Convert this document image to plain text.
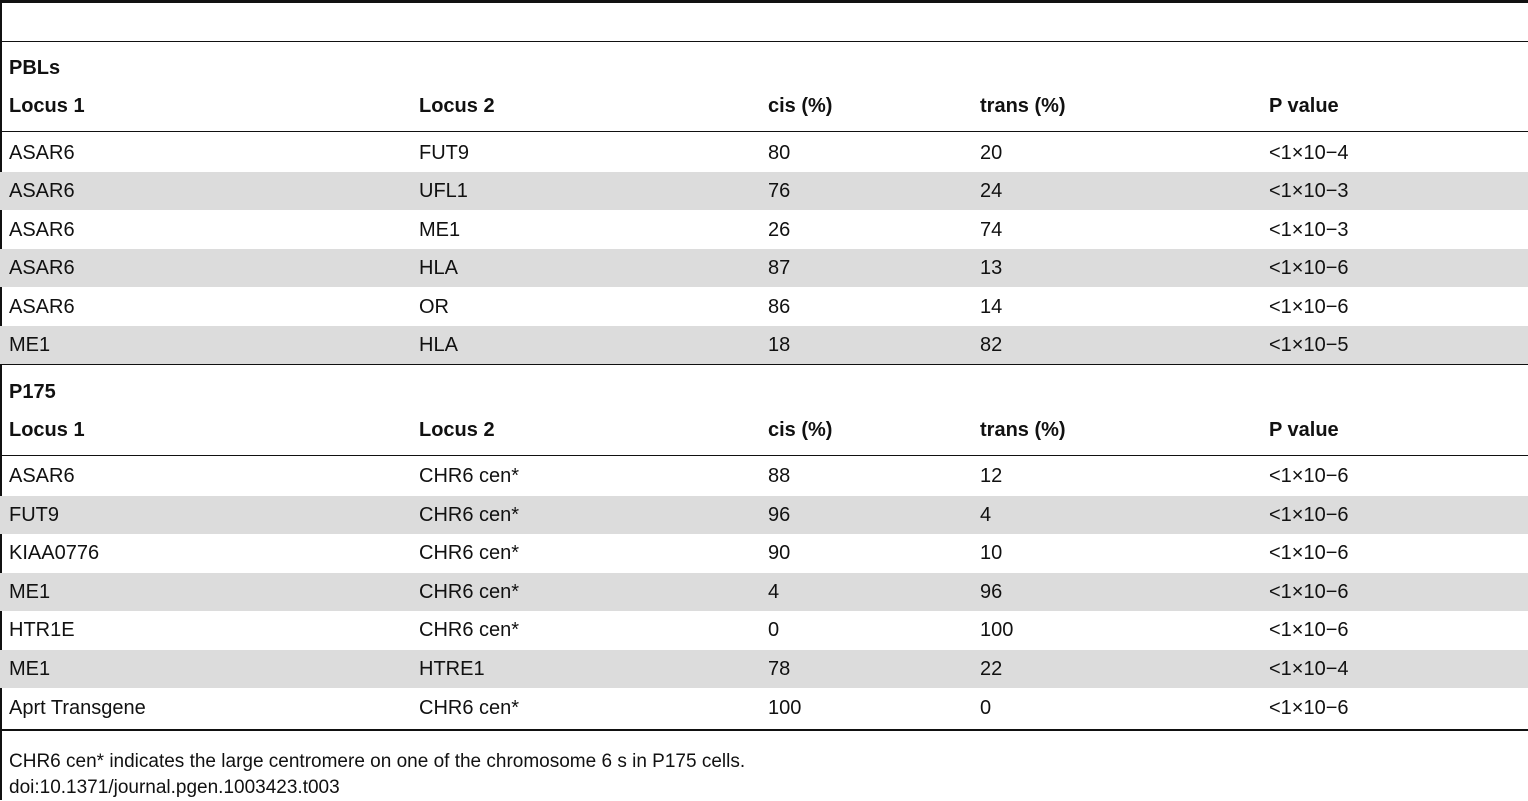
PBLs
Locus 1	Locus 2	cis (%)	trans (%)	P value
ASAR6	FUT9	80	20	<1×10−4
ASAR6	UFL1	76	24	<1×10−3
ASAR6	ME1	26	74	<1×10−3
ASAR6	HLA	87	13	<1×10−6
ASAR6	OR	86	14	<1×10−6
ME1	HLA	18	82	<1×10−5
P175
Locus 1	Locus 2	cis (%)	trans (%)	P value
ASAR6	CHR6 cen*	88	12	<1×10−6
FUT9	CHR6 cen*	96	4	<1×10−6
KIAA0776	CHR6 cen*	90	10	<1×10−6
ME1	CHR6 cen*	4	96	<1×10−6
HTR1E	CHR6 cen*	0	100	<1×10−6
ME1	HTRE1	78	22	<1×10−4
Aprt Transgene	CHR6 cen*	100	0	<1×10−6
CHR6 cen* indicates the large centromere on one of the chromosome 6 s in P175 cells.
doi:10.1371/journal.pgen.1003423.t003
